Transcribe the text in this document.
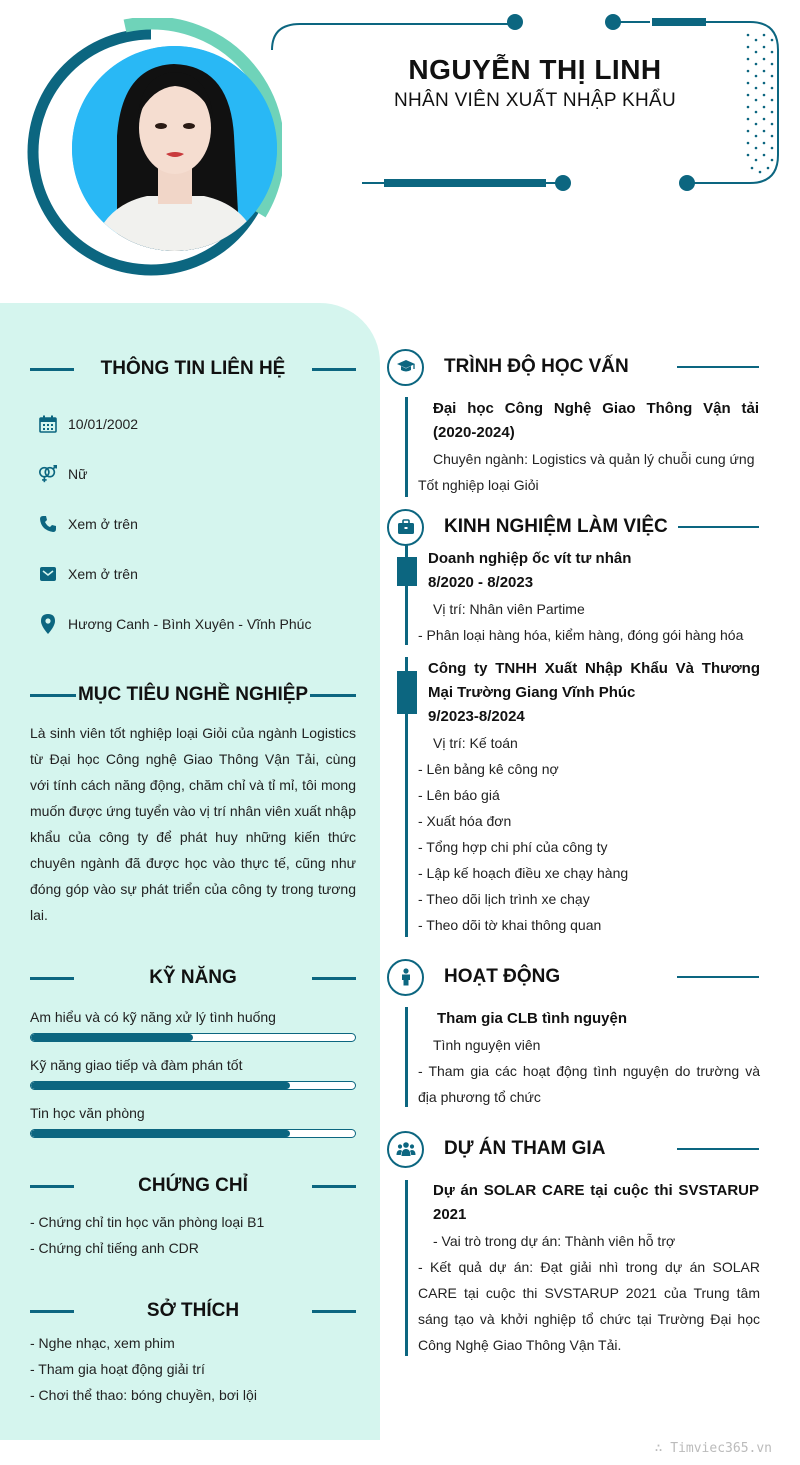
NGUYỄN THỊ LINH
NHÂN VIÊN XUẤT NHẬP KHẨU
THÔNG TIN LIÊN HỆ
10/01/2002
Nữ
Xem ở trên
Xem ở trên
Hương Canh - Bình Xuyên - Vĩnh Phúc
MỤC TIÊU NGHỀ NGHIỆP
Là sinh viên tốt nghiệp loại Giỏi của ngành Logistics từ Đại học Công nghệ Giao Thông Vận Tải, cùng với tính cách năng động, chăm chỉ và tỉ mỉ, tôi mong muốn được ứng tuyển vào vị trí nhân viên xuất nhập khẩu của công ty để phát huy những kiến thức chuyên ngành đã được học vào thực tế, cũng như đóng góp vào sự phát triển của công ty trong tương lai.
KỸ NĂNG
Am hiểu và có kỹ năng xử lý tình huống
Kỹ năng giao tiếp và đàm phán tốt
Tin học văn phòng
CHỨNG CHỈ
- Chứng chỉ tin học văn phòng loại B1
- Chứng chỉ tiếng anh CDR
SỞ THÍCH
- Nghe nhạc, xem phim
- Tham gia hoạt động giải trí
- Chơi thể thao: bóng chuyền, bơi lội
TRÌNH ĐỘ HỌC VẤN
Đại học Công Nghệ Giao Thông Vận tải (2020-2024)
Chuyên ngành: Logistics và quản lý chuỗi cung ứng
Tốt nghiệp loại Giỏi
KINH NGHIỆM LÀM VIỆC
Doanh nghiệp ốc vít tư nhân
8/2020 - 8/2023
Vị trí: Nhân viên Partime
- Phân loại hàng hóa, kiểm hàng, đóng gói hàng hóa
Công ty TNHH Xuất Nhập Khẩu Và Thương Mại Trường Giang Vĩnh Phúc
9/2023-8/2024
Vị trí: Kế toán
- Lên bảng kê công nợ
- Lên báo giá
- Xuất hóa đơn
- Tổng hợp chi phí của công ty
- Lập kế hoạch điều xe chạy hàng
- Theo dõi lịch trình xe chạy
- Theo dõi tờ khai thông quan
HOẠT ĐỘNG
Tham gia CLB tình nguyện
Tình nguyện viên
- Tham gia các hoạt động tình nguyện do trường và địa phương tổ chức
DỰ ÁN THAM GIA
Dự án SOLAR CARE tại cuộc thi SVSTARUP 2021
- Vai trò trong dự án: Thành viên hỗ trợ
- Kết quả dự án: Đạt giải nhì trong dự án SOLAR CARE tại cuộc thi SVSTARUP 2021 của Trung tâm sáng tạo và khởi nghiệp tổ chức tại Trường Đại học Công Nghệ Giao Thông Vận Tải.
∴ Timviec365.vn
